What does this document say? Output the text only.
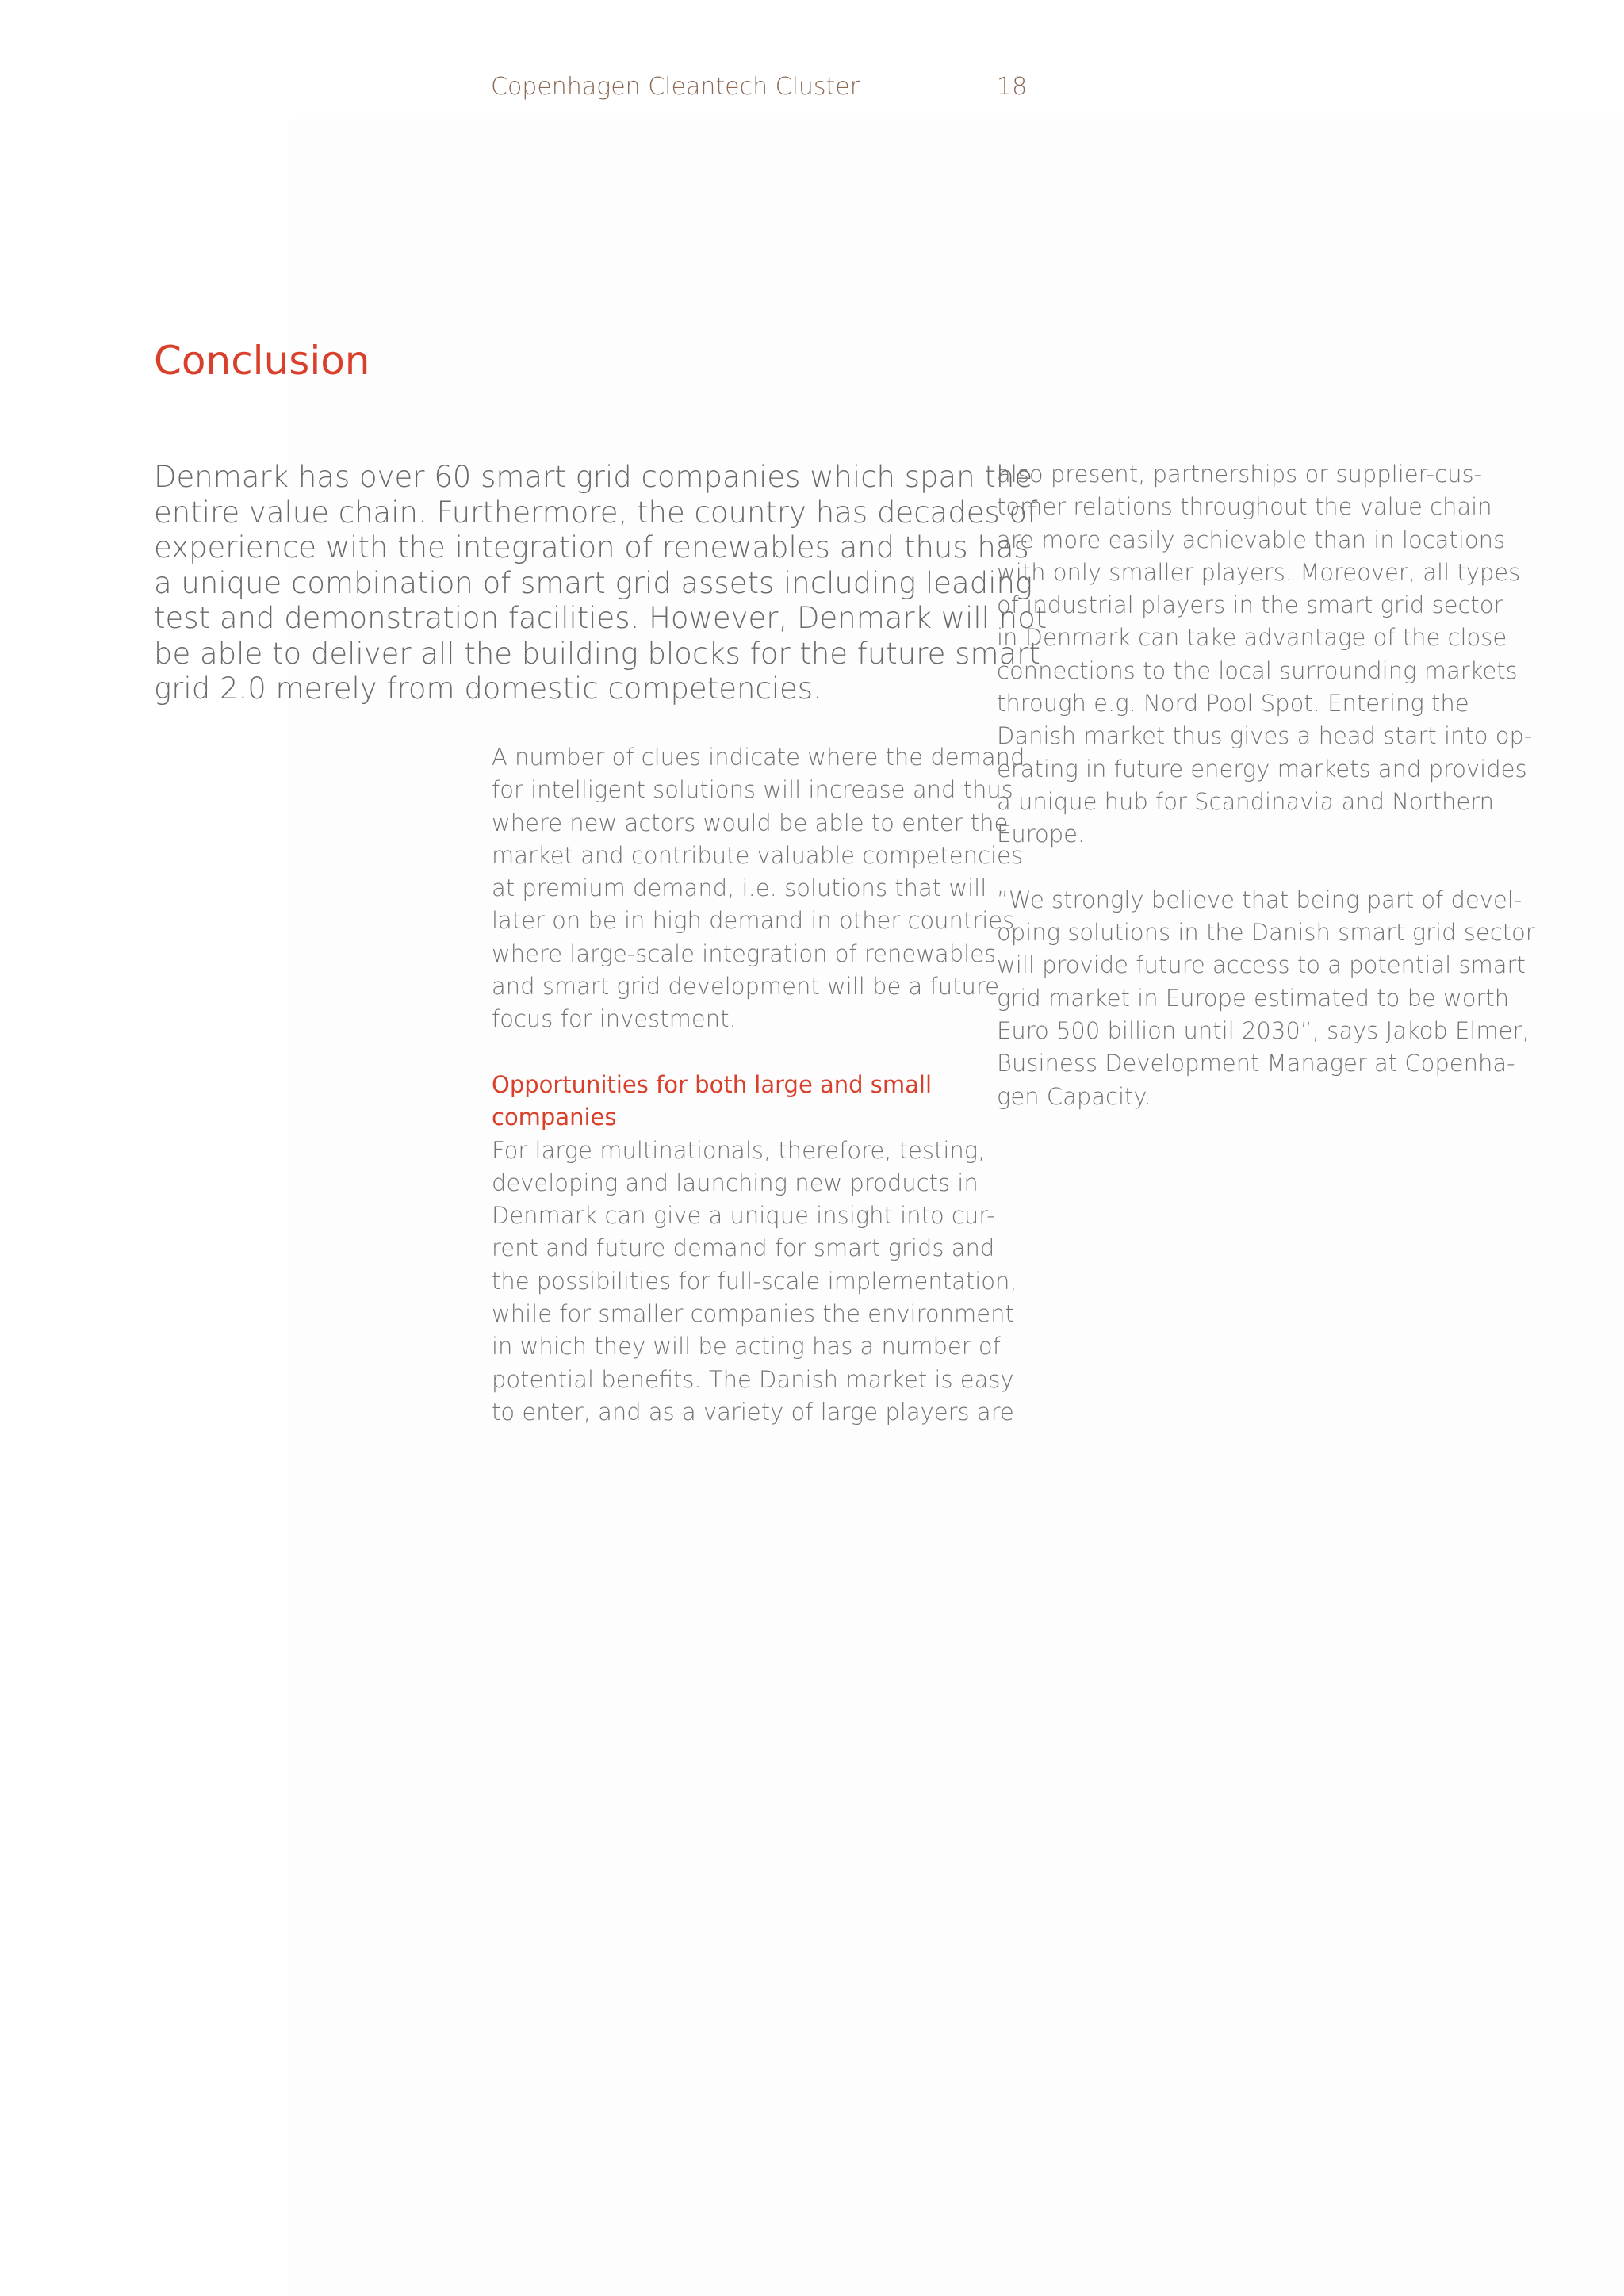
Copenhagen Cleantech Cluster	18
Conclusion

Denmark has over 60 smart grid companies which span the
entire value chain. Furthermore, the country has decades of
experience with the integration of renewables and thus has
a unique combination of smart grid assets including leading
test and demonstration facilities. However, Denmark will not
be able to deliver all the building blocks for the future smart
grid 2.0 merely from domestic competencies.

A number of clues indicate where the demand
for intelligent solutions will increase and thus
where new actors would be able to enter the
market and contribute valuable competencies
at premium demand, i.e. solutions that will
later on be in high demand in other countries
where large-scale integration of renewables
and smart grid development will be a future
focus for investment.

Opportunities for both large and small
companies

For large multinationals, therefore, testing,
developing and launching new products in
Denmark can give a unique insight into cur-
rent and future demand for smart grids and
the possibilities for full-scale implementation,
while for smaller companies the environment
in which they will be acting has a number of
potential benefits. The Danish market is easy
to enter, and as a variety of large players are

also present, partnerships or supplier-cus-
tomer relations throughout the value chain
are more easily achievable than in locations
with only smaller players. Moreover, all types
of industrial players in the smart grid sector
in Denmark can take advantage of the close
connections to the local surrounding markets
through e.g. Nord Pool Spot. Entering the
Danish market thus gives a head start into op-
erating in future energy markets and provides
a unique hub for Scandinavia and Northern
Europe.

”We strongly believe that being part of devel-
oping solutions in the Danish smart grid sector
will provide future access to a potential smart
grid market in Europe estimated to be worth
Euro 500 billion until 2030”, says Jakob Elmer,
Business Development Manager at Copenha-
gen Capacity.
